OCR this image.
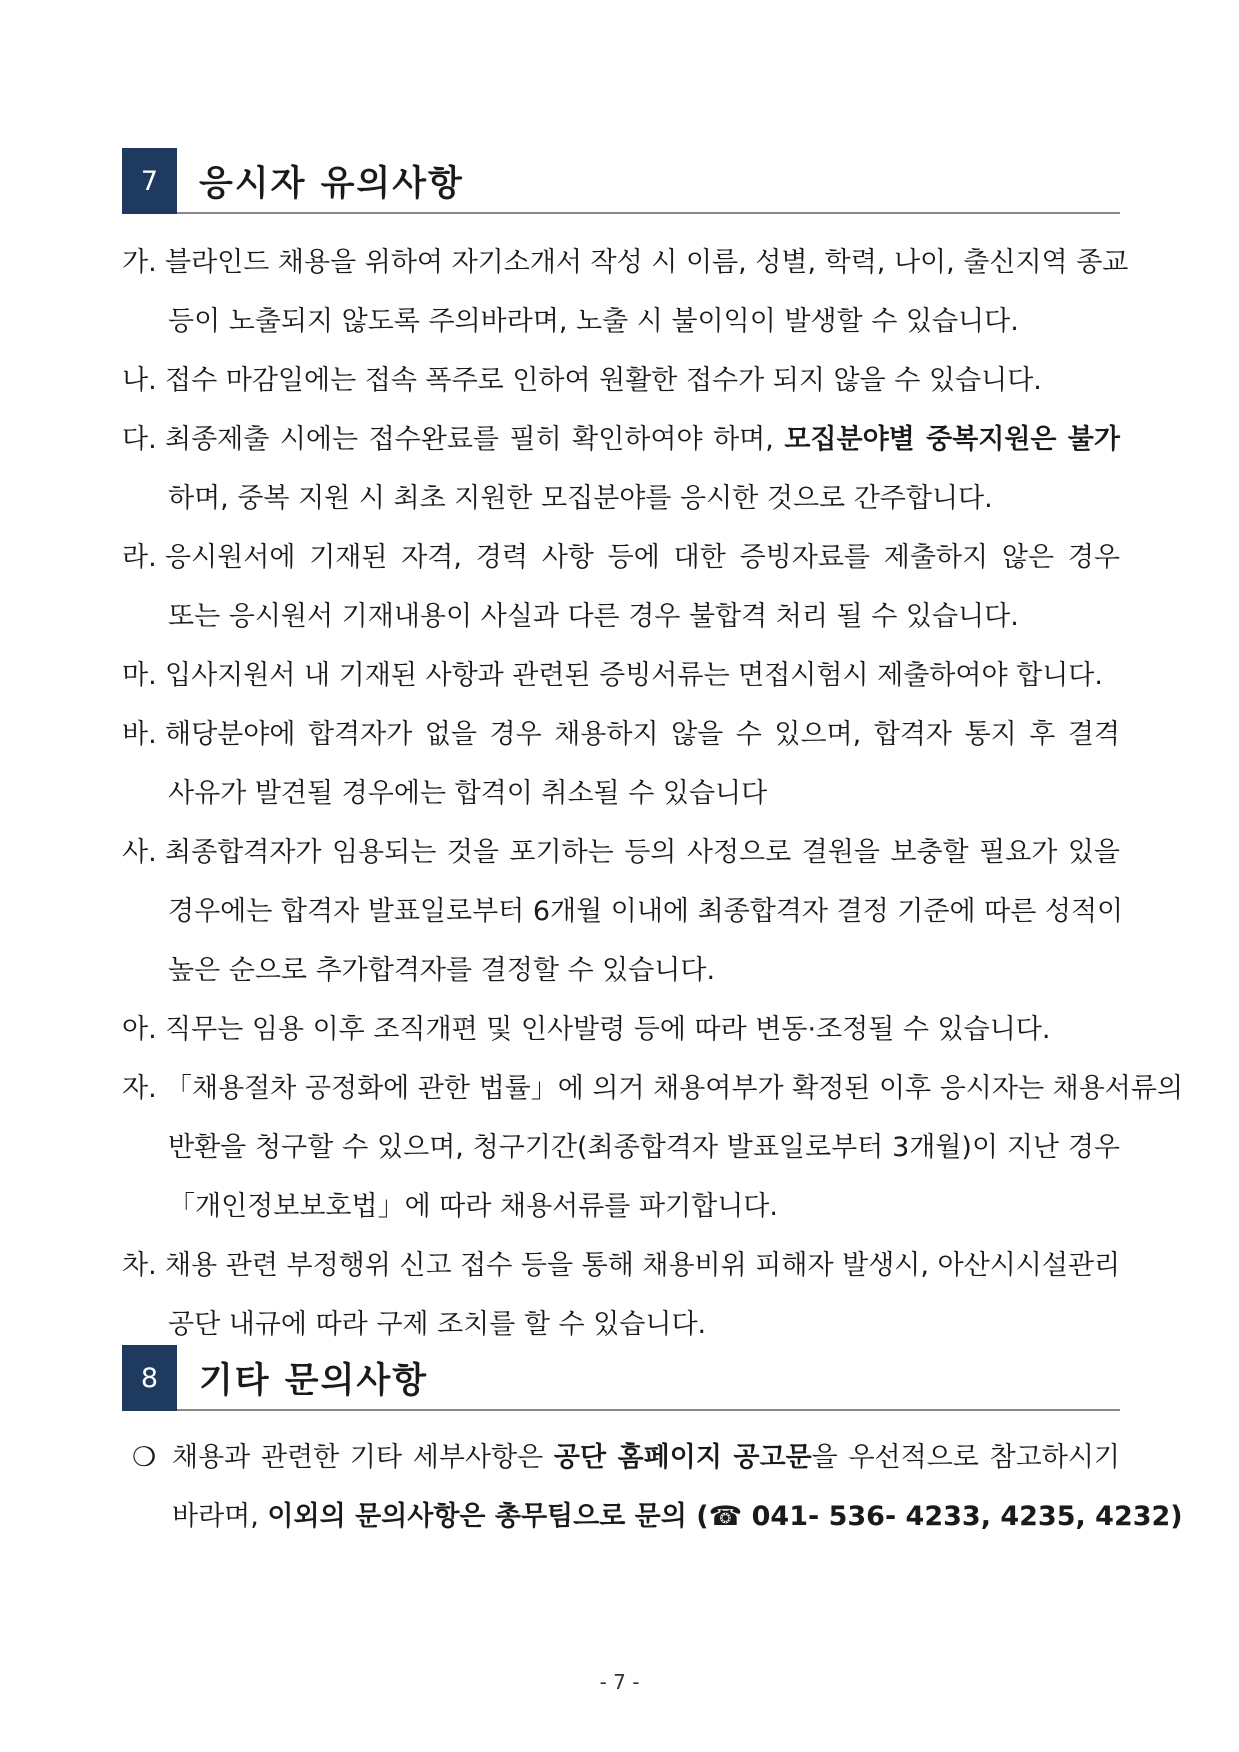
7	응시자 유의사항
가. 블라인드 채용을 위하여 자기소개서 작성 시 이름, 성별, 학력, 나이, 출신지역 종교
등이 노출되지 않도록 주의바라며, 노출 시 불이익이 발생할 수 있습니다.
나. 접수 마감일에는 접속 폭주로 인하여 원활한 접수가 되지 않을 수 있습니다.
다. 최종제출 시에는 접수완료를 필히 확인하여야 하며, 모집분야별 중복지원은 불가
하며, 중복 지원 시 최초 지원한 모집분야를 응시한 것으로 간주합니다.
라. 응시원서에 기재된 자격, 경력 사항 등에 대한 증빙자료를 제출하지 않은 경우
또는 응시원서 기재내용이 사실과 다른 경우 불합격 처리 될 수 있습니다.
마. 입사지원서 내 기재된 사항과 관련된 증빙서류는 면접시험시 제출하여야 합니다.
바. 해당분야에 합격자가 없을 경우 채용하지 않을 수 있으며, 합격자 통지 후 결격
사유가 발견될 경우에는 합격이 취소될 수 있습니다
사. 최종합격자가 임용되는 것을 포기하는 등의 사정으로 결원을 보충할 필요가 있을
경우에는 합격자 발표일로부터 6개월 이내에 최종합격자 결정 기준에 따른 성적이
높은 순으로 추가합격자를 결정할 수 있습니다.
아. 직무는 임용 이후 조직개편 및 인사발령 등에 따라 변동·조정될 수 있습니다.
자. 「채용절차 공정화에 관한 법률」에 의거 채용여부가 확정된 이후 응시자는 채용서류의
반환을 청구할 수 있으며, 청구기간(최종합격자 발표일로부터 3개월)이 지난 경우
「개인정보보호법」에 따라 채용서류를 파기합니다.
차. 채용 관련 부정행위 신고 접수 등을 통해 채용비위 피해자 발생시, 아산시시설관리
공단 내규에 따라 구제 조치를 할 수 있습니다.
8	기타 문의사항
❍ 채용과 관련한 기타 세부사항은 공단 홈페이지 공고문을 우선적으로 참고하시기
바라며, 이외의 문의사항은 총무팀으로 문의 (☎ 041- 536- 4233, 4235, 4232)
- 7 -
